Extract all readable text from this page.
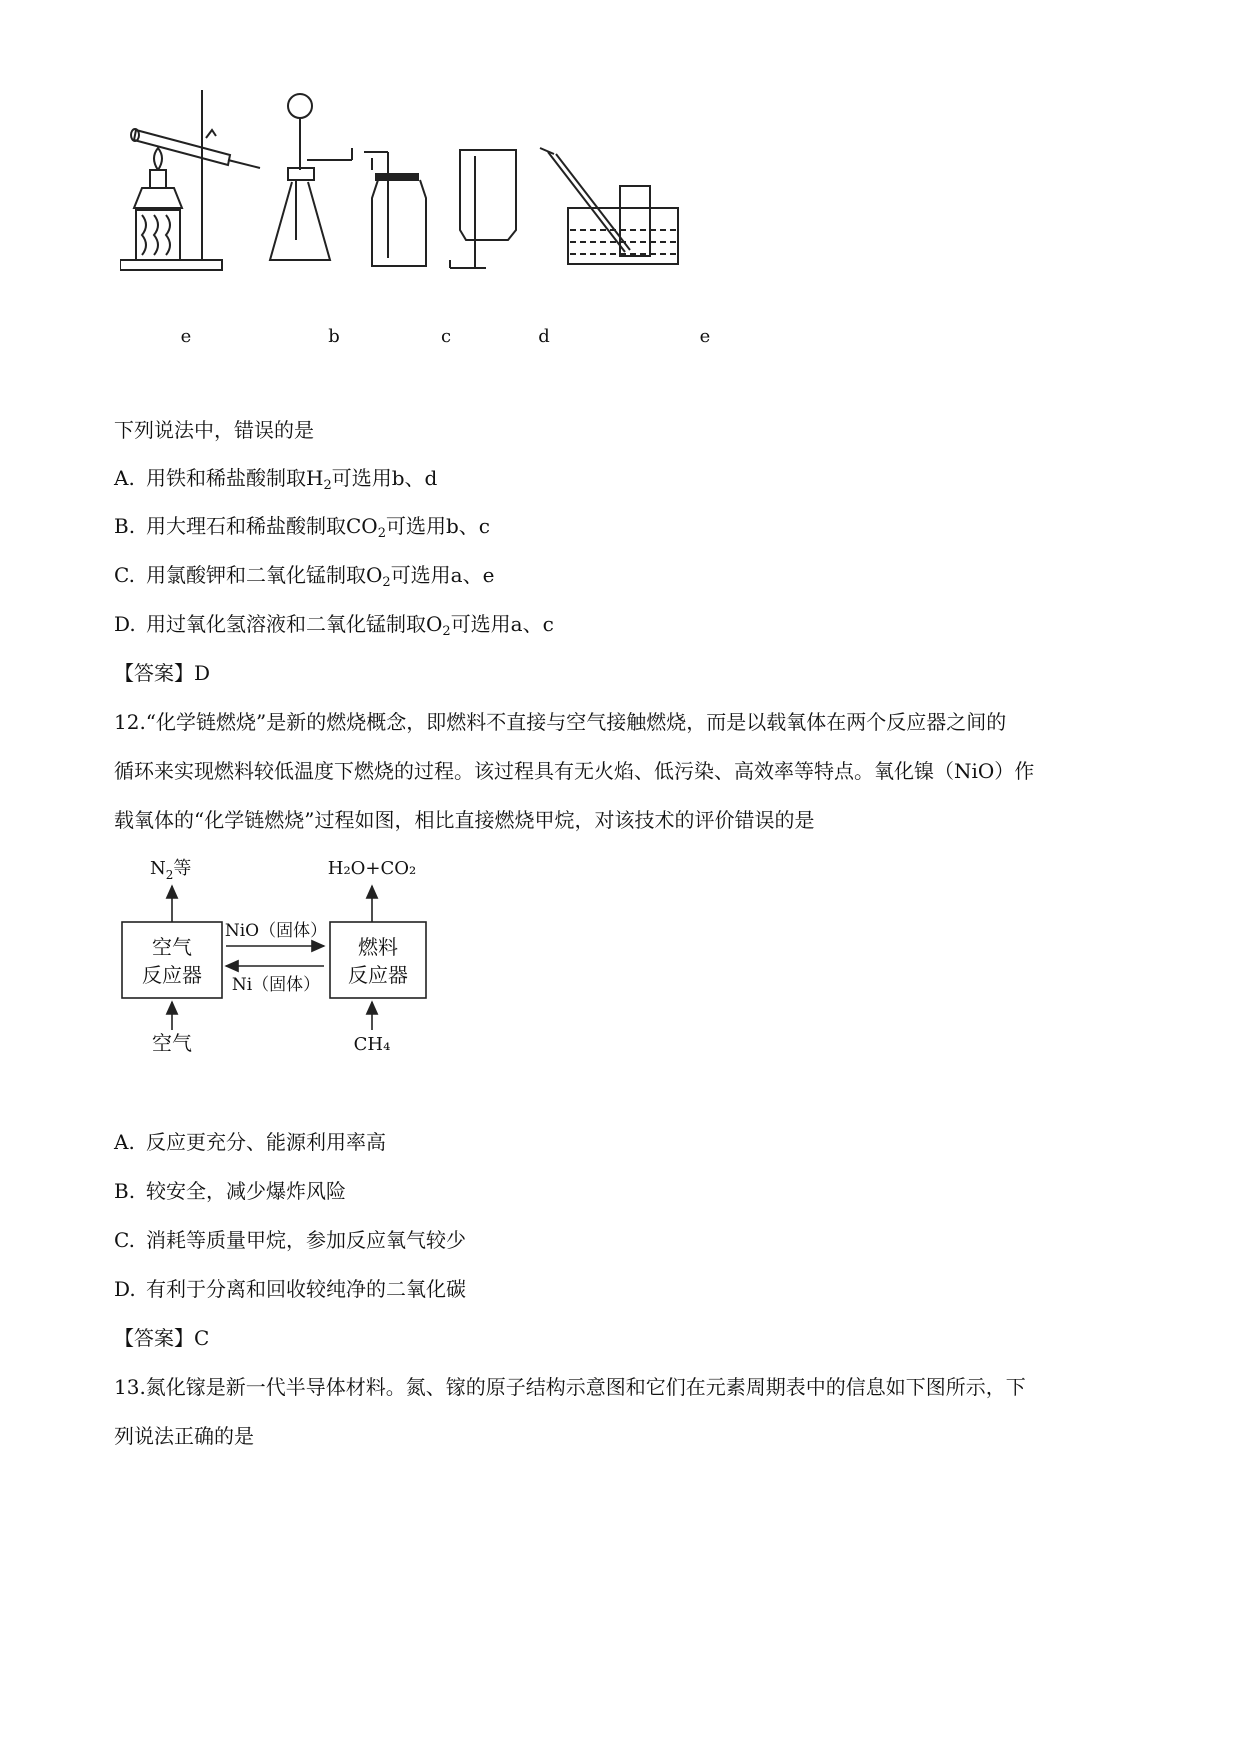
e	b	c	d	e
下列说法中，错误的是
A. 用铁和稀盐酸制取$H_2$可选用b、d
B. 用大理石和稀盐酸制取$CO_2$可选用b、c
C. 用氯酸钾和二氧化锰制取$O_2$可选用a、e
D. 用过氧化氢溶液和二氧化锰制取$O_2$可选用a、c
【答案】D
12.“化学链燃烧”是新的燃烧概念，即燃料不直接与空气接触燃烧，而是以载氧体在两个反应器之间的
循环来实现燃料较低温度下燃烧的过程。该过程具有无火焰、低污染、高效率等特点。氧化镍（NiO）作
载氧体的“化学链燃烧”过程如图，相比直接燃烧甲烷，对该技术的评价错误的是
$N_2$等	H₂O+CO₂
空气
反应器
燃料
反应器
NiO（固体）
Ni（固体）
空气	CH₄
A. 反应更充分、能源利用率高
B. 较安全，减少爆炸风险
C. 消耗等质量甲烷，参加反应氧气较少
D. 有利于分离和回收较纯净的二氧化碳
【答案】C
13.氮化镓是新一代半导体材料。氮、镓的原子结构示意图和它们在元素周期表中的信息如下图所示，下
列说法正确的是
